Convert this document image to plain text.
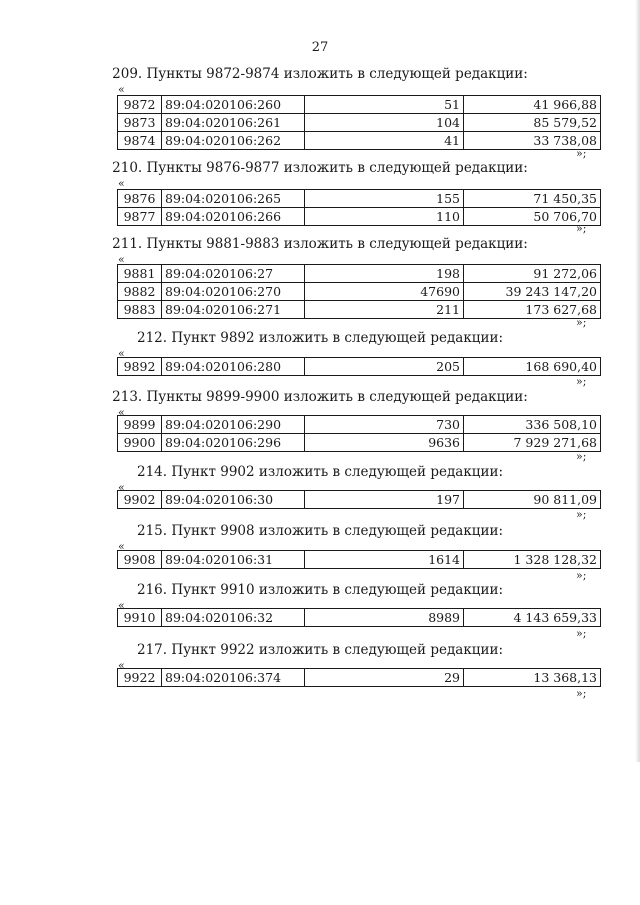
27
209. Пункты 9872-9874 изложить в следующей редакции:
«
9872	89:04:020106:260	51	41 966,88
9873	89:04:020106:261	104	85 579,52
9874	89:04:020106:262	41	33 738,08
»;
210. Пункты 9876-9877 изложить в следующей редакции:
«
9876	89:04:020106:265	155	71 450,35
9877	89:04:020106:266	110	50 706,70
»;
211. Пункты 9881-9883 изложить в следующей редакции:
«
9881	89:04:020106:27	198	91 272,06
9882	89:04:020106:270	47690	39 243 147,20
9883	89:04:020106:271	211	173 627,68
»;
212. Пункт 9892 изложить в следующей редакции:
«
9892	89:04:020106:280	205	168 690,40
»;
213. Пункты 9899-9900 изложить в следующей редакции:
«
9899	89:04:020106:290	730	336 508,10
9900	89:04:020106:296	9636	7 929 271,68
»;
214. Пункт 9902 изложить в следующей редакции:
«
9902	89:04:020106:30	197	90 811,09
»;
215. Пункт 9908 изложить в следующей редакции:
«
9908	89:04:020106:31	1614	1 328 128,32
»;
216. Пункт 9910 изложить в следующей редакции:
«
9910	89:04:020106:32	8989	4 143 659,33
»;
217. Пункт 9922 изложить в следующей редакции:
«
9922	89:04:020106:374	29	13 368,13
»;
